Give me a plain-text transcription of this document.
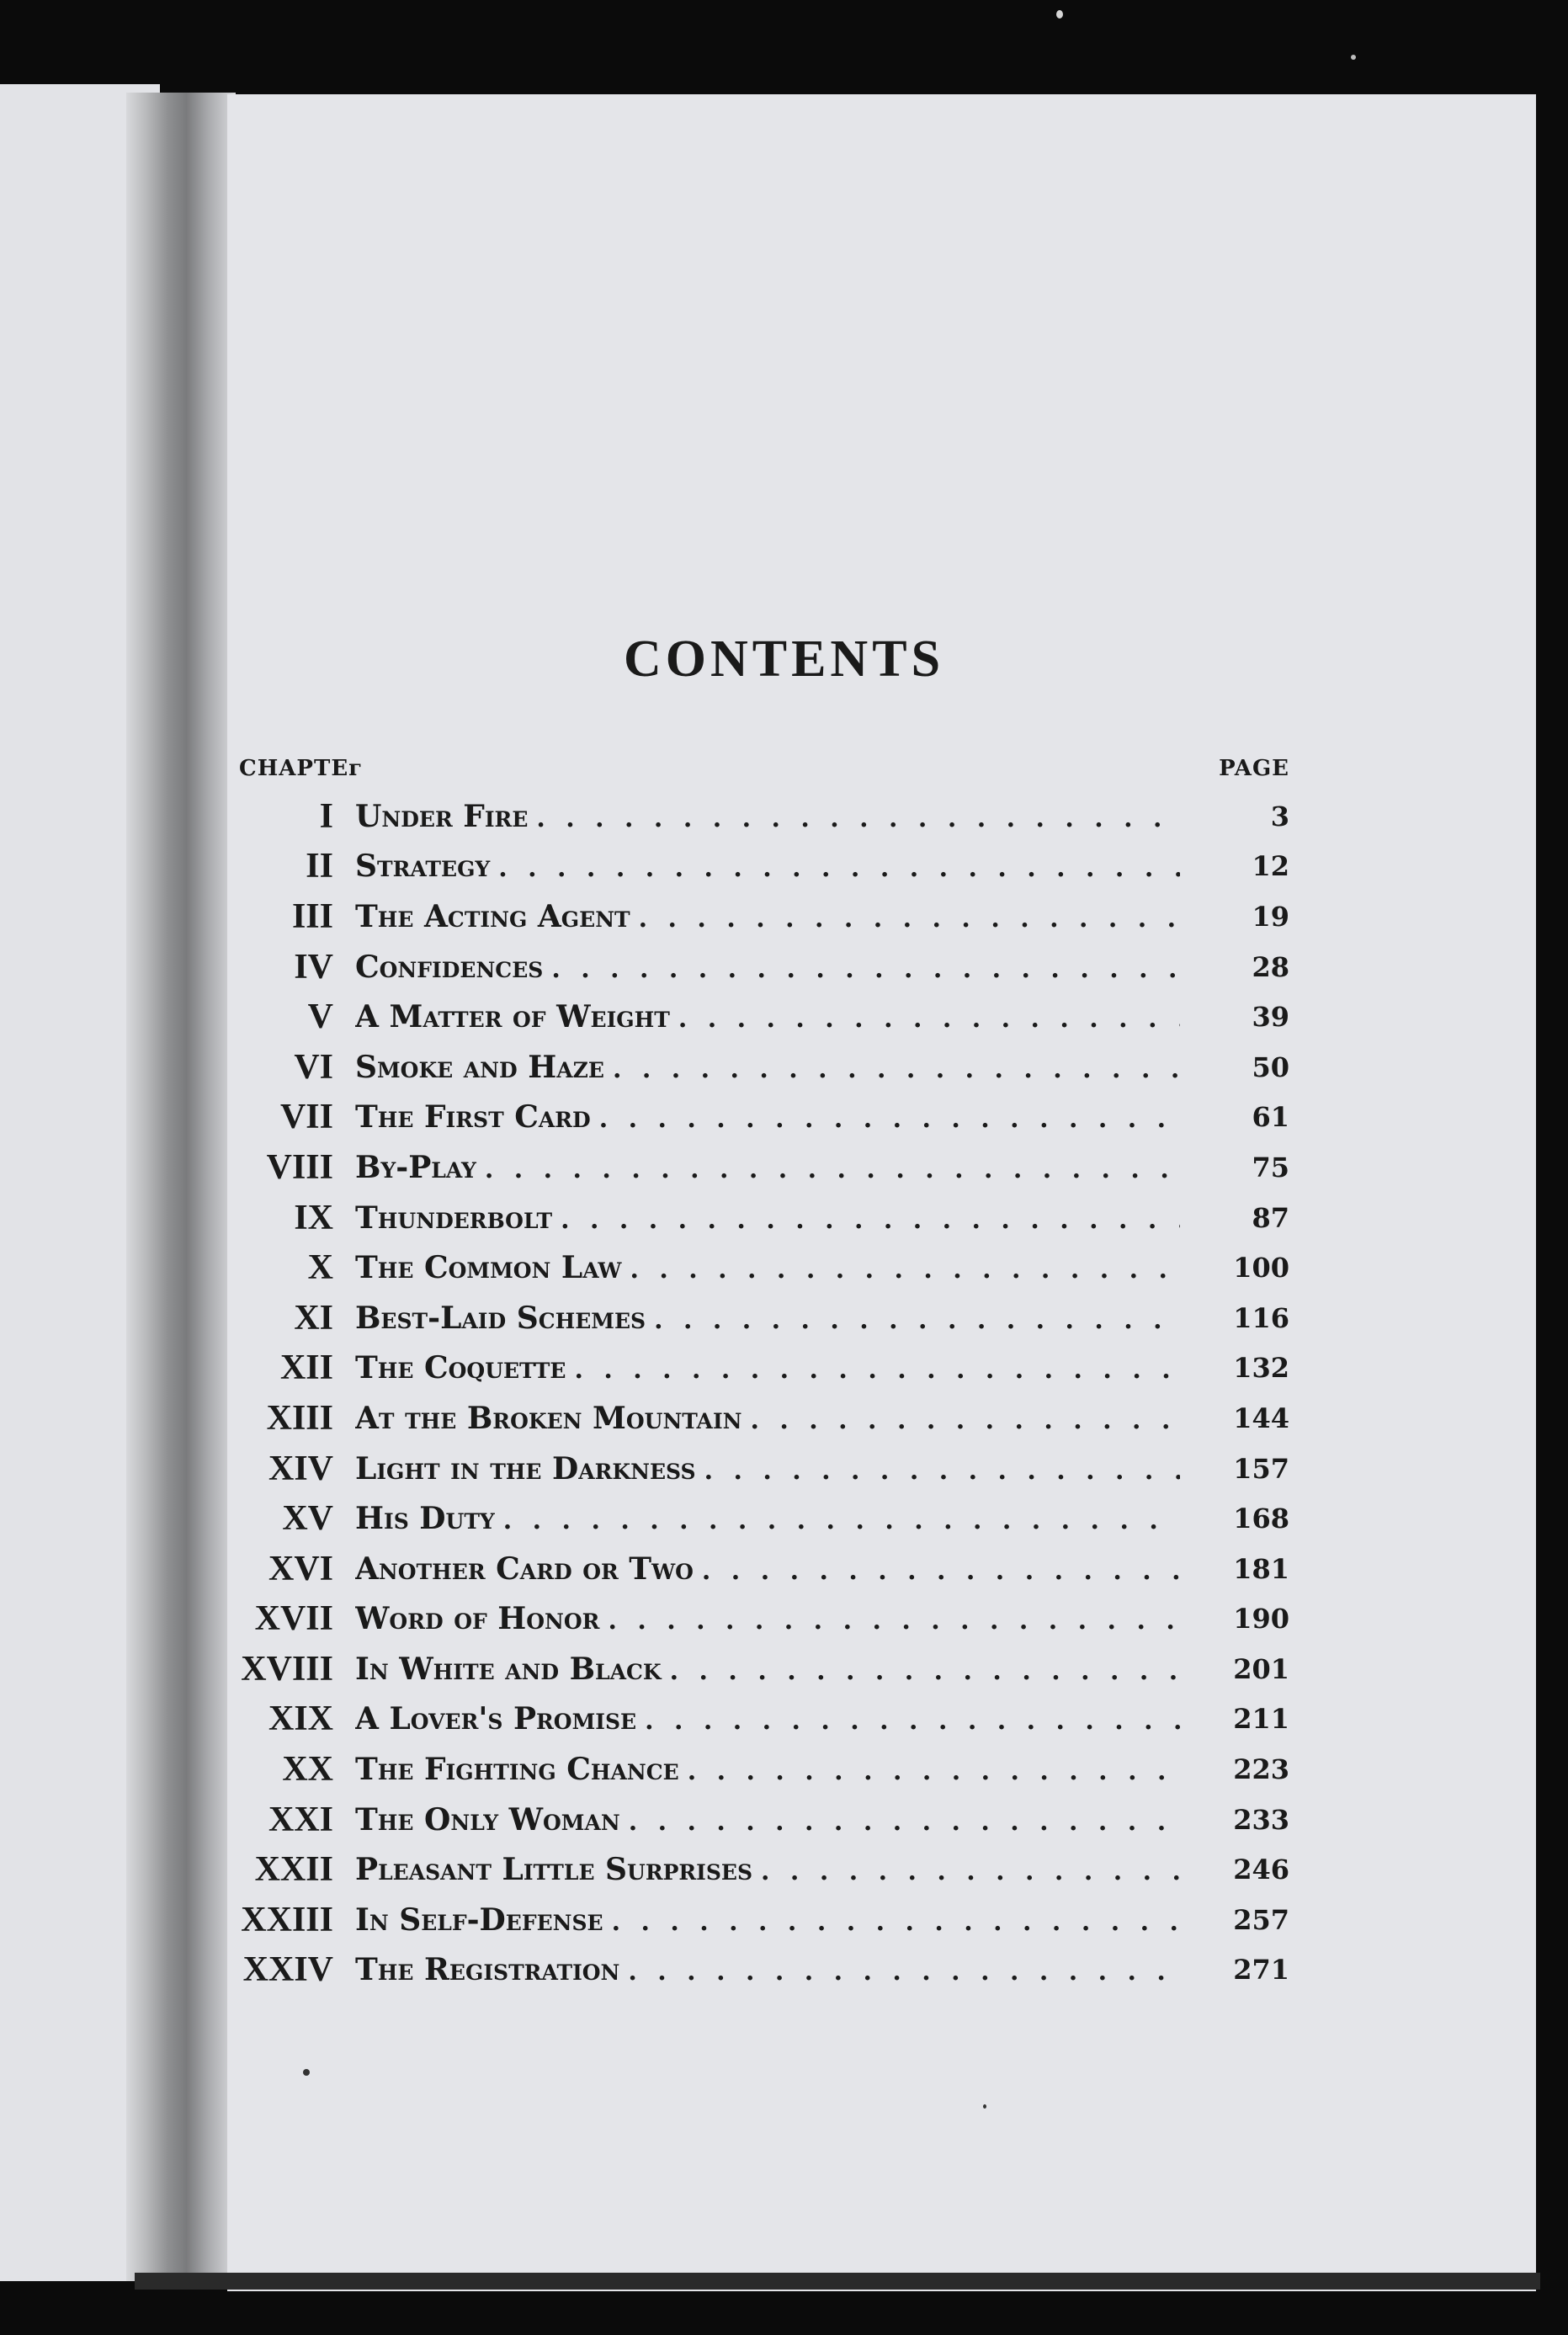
CONTENTS
CHAPTEᴦ	PAGE
I Under Fire . . .	3
II Strategy . . .	12
III The Acting Agent . . .	19
IV Confidences . . .	28
V A Matter of Weight . . .	39
VI Smoke and Haze . . .	50
VII The First Card . . .	61
VIII By-Play . . .	75
IX Thunderbolt . . .	87
X The Common Law . . .	100
XI Best-Laid Schemes . . .	116
XII The Coquette . . .	132
XIII At the Broken Mountain . . .	144
XIV Light in the Darkness . . .	157
XV His Duty . . .	168
XVI Another Card or Two . . .	181
XVII Word of Honor . . .	190
XVIII In White and Black . . .	201
XIX A Lover's Promise . . .	211
XX The Fighting Chance . . .	223
XXI The Only Woman . . .	233
XXII Pleasant Little Surprises . . .	246
XXIII In Self-Defense . . .	257
XXIV The Registration . . .	271
